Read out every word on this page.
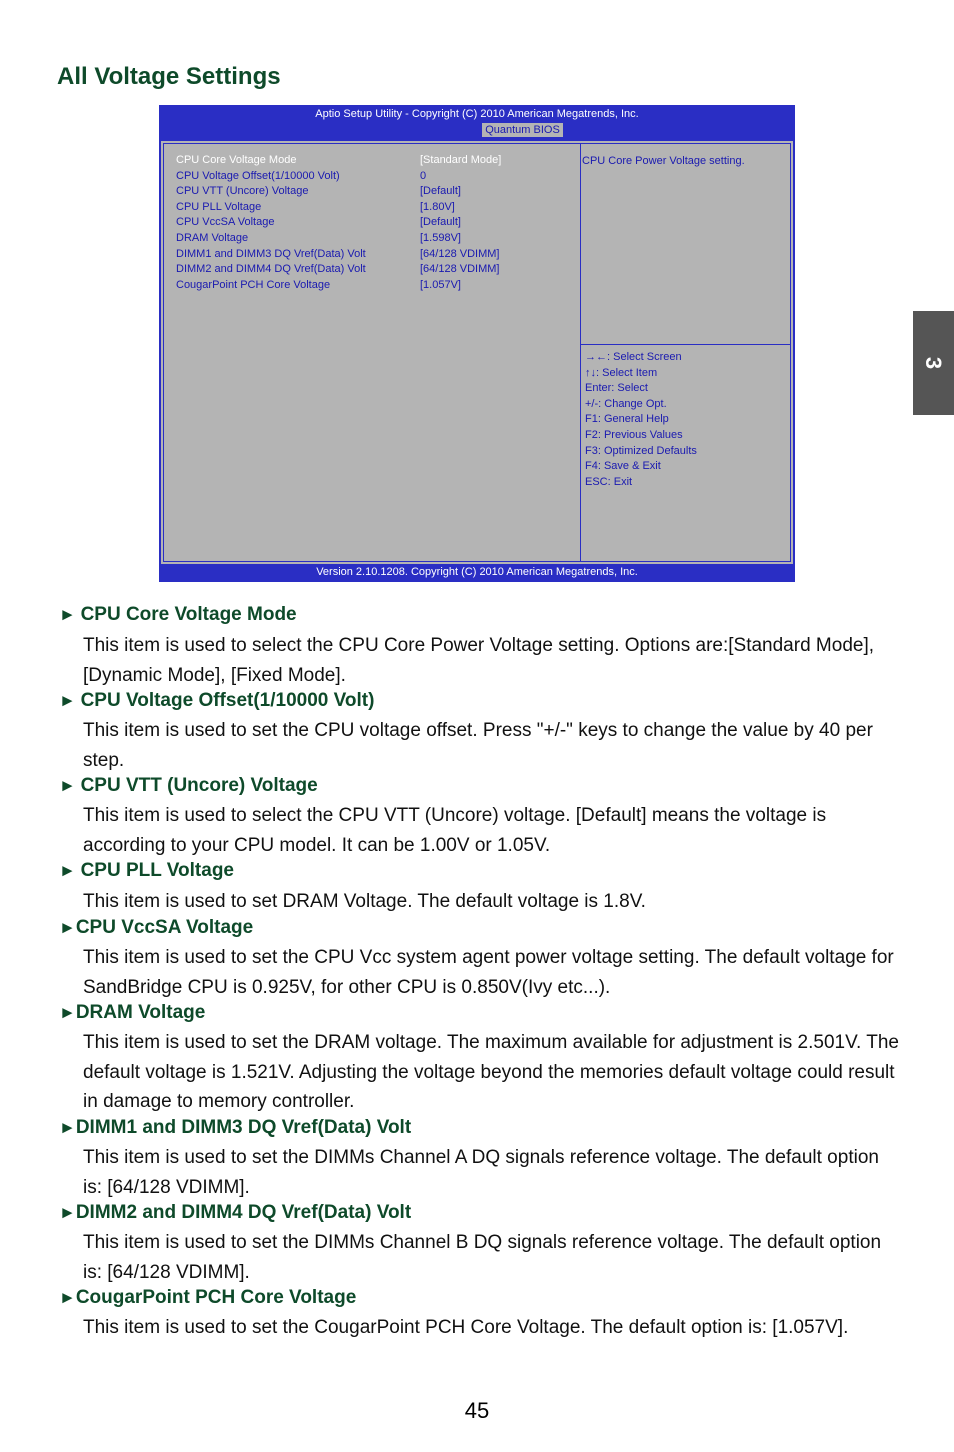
All Voltage Settings
3
Aptio Setup Utility - Copyright (C) 2010 American Megatrends, Inc.
Quantum BIOS
CPU Core Voltage Mode	[Standard Mode]
CPU Voltage Offset(1/10000 Volt)	0
CPU VTT (Uncore) Voltage	[Default]
CPU PLL Voltage	[1.80V]
CPU VccSA Voltage	[Default]
DRAM Voltage	[1.598V]
DIMM1 and DIMM3 DQ Vref(Data) Volt	[64/128 VDIMM]
DIMM2 and DIMM4 DQ Vref(Data) Volt	[64/128 VDIMM]
CougarPoint PCH Core Voltage	[1.057V]
CPU Core Power Voltage setting.
→←: Select Screen
↑↓: Select Item
Enter: Select
+/-: Change Opt.
F1: General Help
F2: Previous Values
F3: Optimized Defaults
F4: Save & Exit
ESC: Exit
Version 2.10.1208. Copyright (C) 2010 American Megatrends, Inc.
► CPU Core Voltage Mode

This item is used to select the CPU Core Power Voltage setting. Options are:[Standard Mode], [Dynamic Mode], [Fixed Mode].

► CPU Voltage Offset(1/10000 Volt)

This item is used to set the CPU voltage offset. Press "+/-" keys to change the value by 40 per step.

► CPU VTT (Uncore) Voltage

This item is used to select the CPU VTT (Uncore) voltage. [Default] means the voltage is according to your CPU model. It can be 1.00V or 1.05V.

► CPU PLL Voltage

This item is used to set DRAM Voltage. The default voltage is 1.8V.

►CPU VccSA Voltage

This item is used to set the CPU Vcc system agent power voltage setting. The default voltage for SandBridge CPU is 0.925V, for other CPU is 0.850V(Ivy etc...).

►DRAM Voltage

This item is used to set the DRAM voltage. The maximum available for adjustment is 2.501V. The default voltage is 1.521V. Adjusting the voltage beyond the memories default voltage could result in damage to memory controller.

►DIMM1 and DIMM3 DQ Vref(Data) Volt

This item is used to set the DIMMs Channel A DQ signals reference voltage. The default option is: [64/128 VDIMM].

►DIMM2 and DIMM4 DQ Vref(Data) Volt

This item is used to set the DIMMs Channel B DQ signals reference voltage. The default option is: [64/128 VDIMM].

►CougarPoint PCH Core Voltage

This item is used to set the CougarPoint PCH Core Voltage. The default option is: [1.057V].

45
